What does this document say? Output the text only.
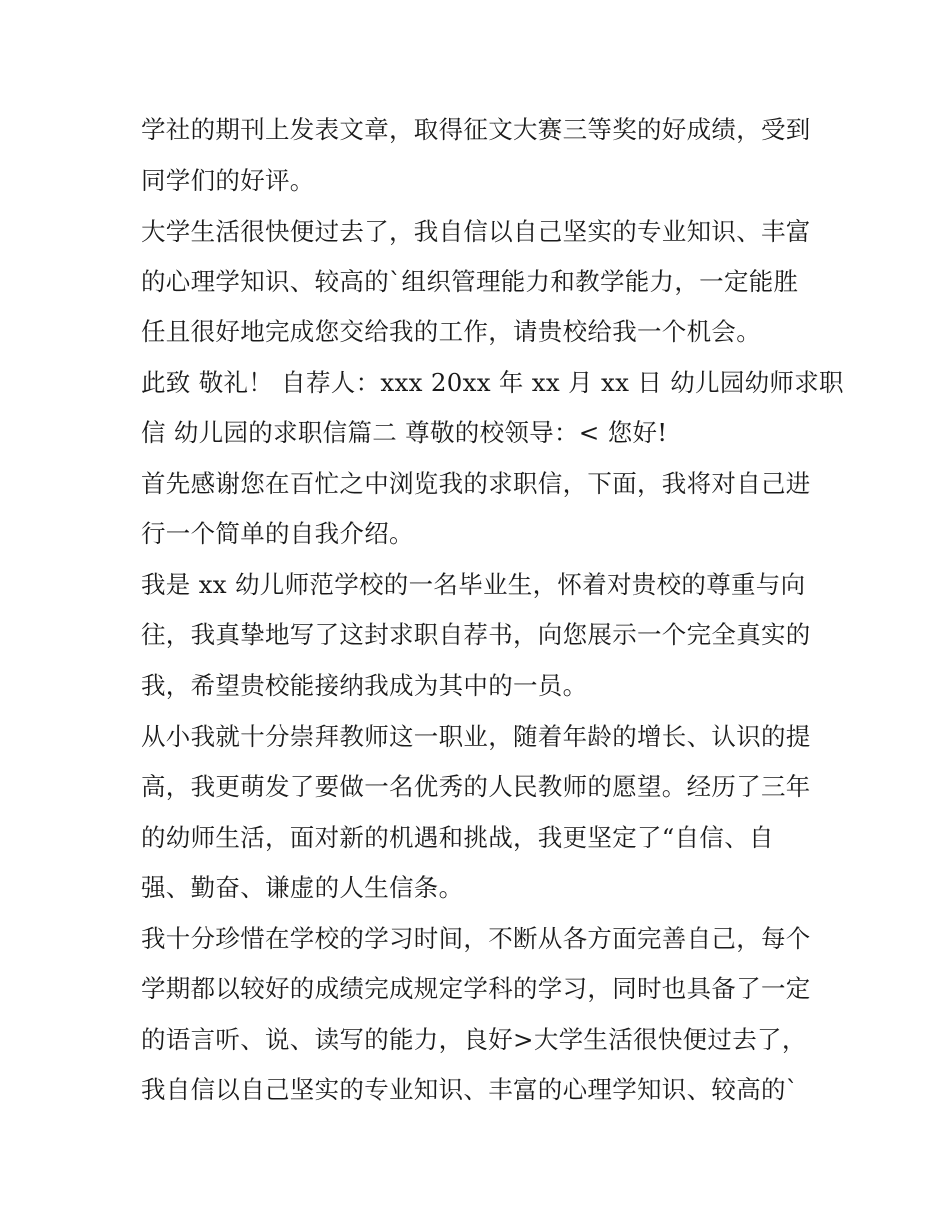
学社的期刊上发表文章，取得征文大赛三等奖的好成绩，受到

同学们的好评。

大学生活很快便过去了，我自信以自己坚实的专业知识、丰富

的心理学知识、较高的`组织管理能力和教学能力，一定能胜

任且很好地完成您交给我的工作，请贵校给我一个机会。

此致 敬礼！ 自荐人：xxx 20xx 年 xx 月 xx 日 幼儿园幼师求职

信 幼儿园的求职信篇二 尊敬的校领导：< 您好!

首先感谢您在百忙之中浏览我的求职信，下面，我将对自己进

行一个简单的自我介绍。

我是 xx 幼儿师范学校的一名毕业生，怀着对贵校的尊重与向

往，我真挚地写了这封求职自荐书，向您展示一个完全真实的

我，希望贵校能接纳我成为其中的一员。

从小我就十分崇拜教师这一职业，随着年龄的增长、认识的提

高，我更萌发了要做一名优秀的人民教师的愿望。经历了三年

的幼师生活，面对新的机遇和挑战，我更坚定了“自信、自

强、勤奋、谦虚的人生信条。

我十分珍惜在学校的学习时间，不断从各方面完善自己，每个

学期都以较好的成绩完成规定学科的学习，同时也具备了一定

的语言听、说、读写的能力，良好>大学生活很快便过去了，

我自信以自己坚实的专业知识、丰富的心理学知识、较高的`
